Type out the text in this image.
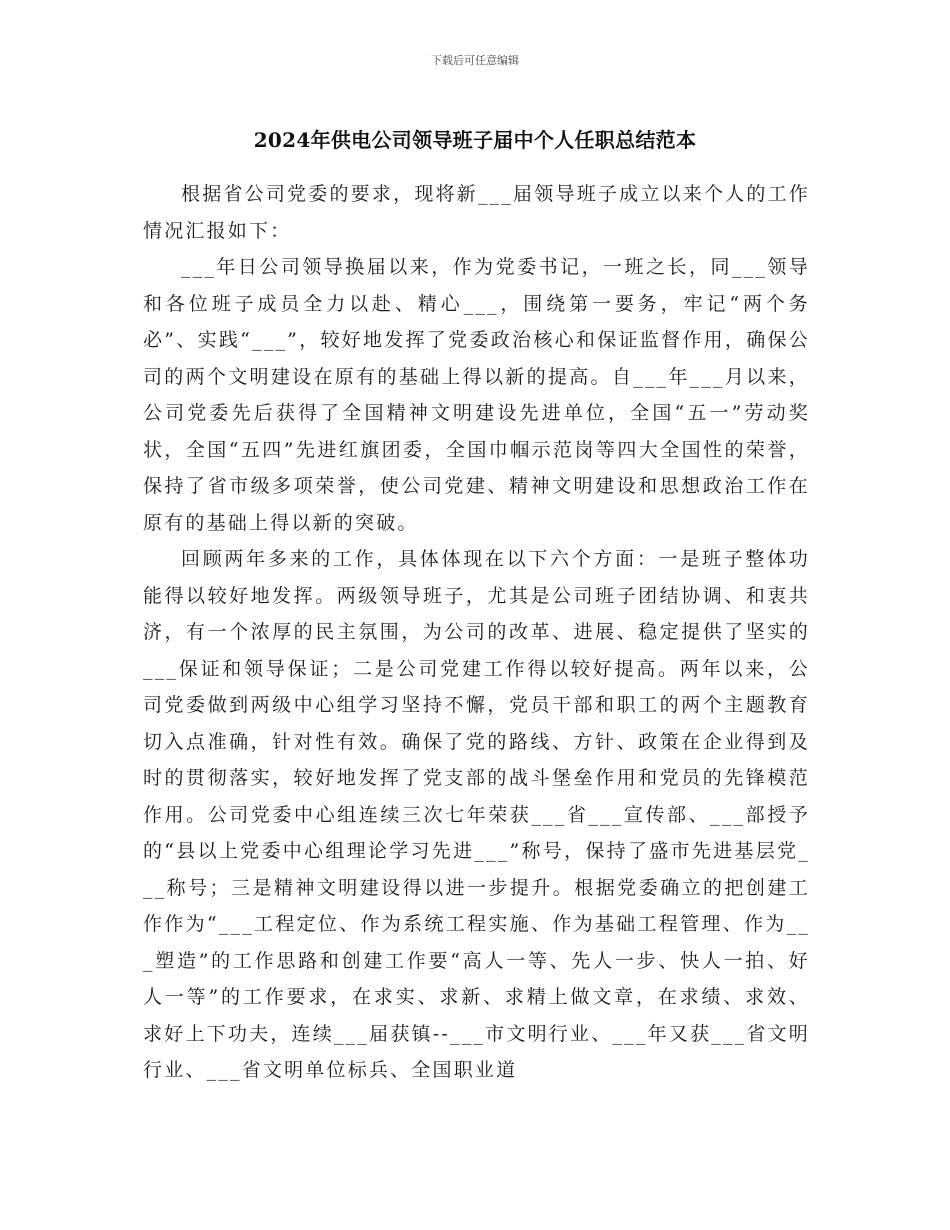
下载后可任意编辑
2024年供电公司领导班子届中个人任职总结范本

根据省公司党委的要求，现将新___届领导班子成立以来个人的工作情况汇报如下：

___年日公司领导换届以来，作为党委书记，一班之长，同___领导和各位班子成员全力以赴、精心___，围绕第一要务，牢记“两个务必”、实践“___”，较好地发挥了党委政治核心和保证监督作用，确保公司的两个文明建设在原有的基础上得以新的提高。自___年___月以来，公司党委先后获得了全国精神文明建设先进单位，全国“五一”劳动奖状，全国“五四”先进红旗团委，全国巾帼示范岗等四大全国性的荣誉，保持了省市级多项荣誉，使公司党建、精神文明建设和思想政治工作在原有的基础上得以新的突破。

回顾两年多来的工作，具体体现在以下六个方面：一是班子整体功能得以较好地发挥。两级领导班子，尤其是公司班子团结协调、和衷共济，有一个浓厚的民主氛围，为公司的改革、进展、稳定提供了坚实的___保证和领导保证；二是公司党建工作得以较好提高。两年以来，公司党委做到两级中心组学习坚持不懈，党员干部和职工的两个主题教育切入点准确，针对性有效。确保了党的路线、方针、政策在企业得到及时的贯彻落实，较好地发挥了党支部的战斗堡垒作用和党员的先锋模范作用。公司党委中心组连续三次七年荣获___省___宣传部、___部授予的“县以上党委中心组理论学习先进___”称号，保持了盛市先进基层党___称号；三是精神文明建设得以进一步提升。根据党委确立的把创建工作作为“___工程定位、作为系统工程实施、作为基础工程管理、作为___塑造”的工作思路和创建工作要“高人一等、先人一步、快人一拍、好人一等”的工作要求，在求实、求新、求精上做文章，在求绩、求效、求好上下功夫，连续___届获镇--___市文明行业、___年又获___省文明行业、___省文明单位标兵、全国职业道
